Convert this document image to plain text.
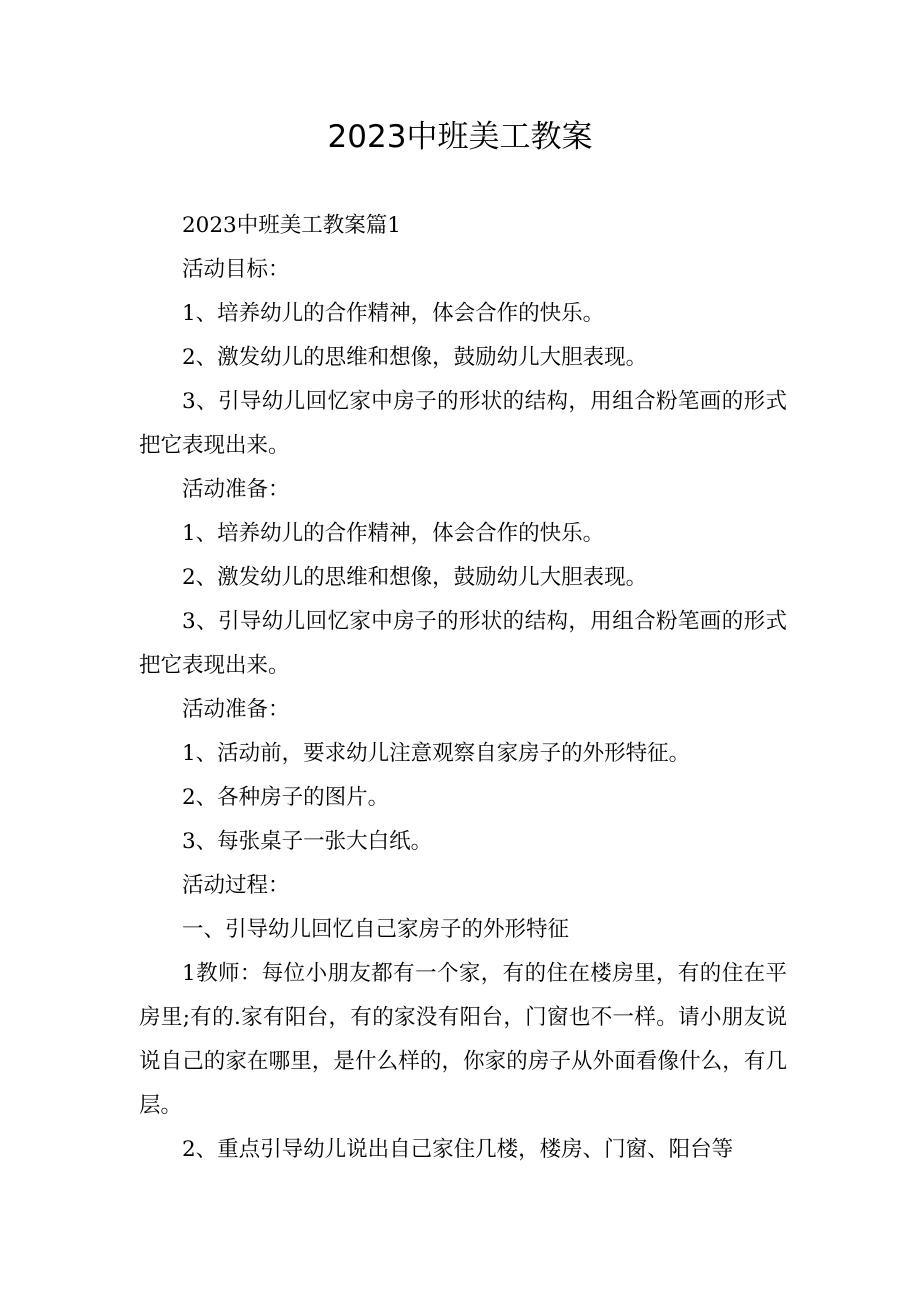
2023中班美工教案

2023中班美工教案篇1

活动目标：

1、培养幼儿的合作精神，体会合作的快乐。

2、激发幼儿的思维和想像，鼓励幼儿大胆表现。

3、引导幼儿回忆家中房子的形状的结构，用组合粉笔画的形式把它表现出来。

活动准备：

1、培养幼儿的合作精神，体会合作的快乐。

2、激发幼儿的思维和想像，鼓励幼儿大胆表现。

3、引导幼儿回忆家中房子的形状的结构，用组合粉笔画的形式把它表现出来。

活动准备：

1、活动前，要求幼儿注意观察自家房子的外形特征。

2、各种房子的图片。

3、每张桌子一张大白纸。

活动过程：

一、引导幼儿回忆自己家房子的外形特征

1教师：每位小朋友都有一个家，有的住在楼房里，有的住在平房里;有的.家有阳台，有的家没有阳台，门窗也不一样。请小朋友说说自己的家在哪里，是什么样的，你家的房子从外面看像什么，有几层。

2、重点引导幼儿说出自己家住几楼，楼房、门窗、阳台等
